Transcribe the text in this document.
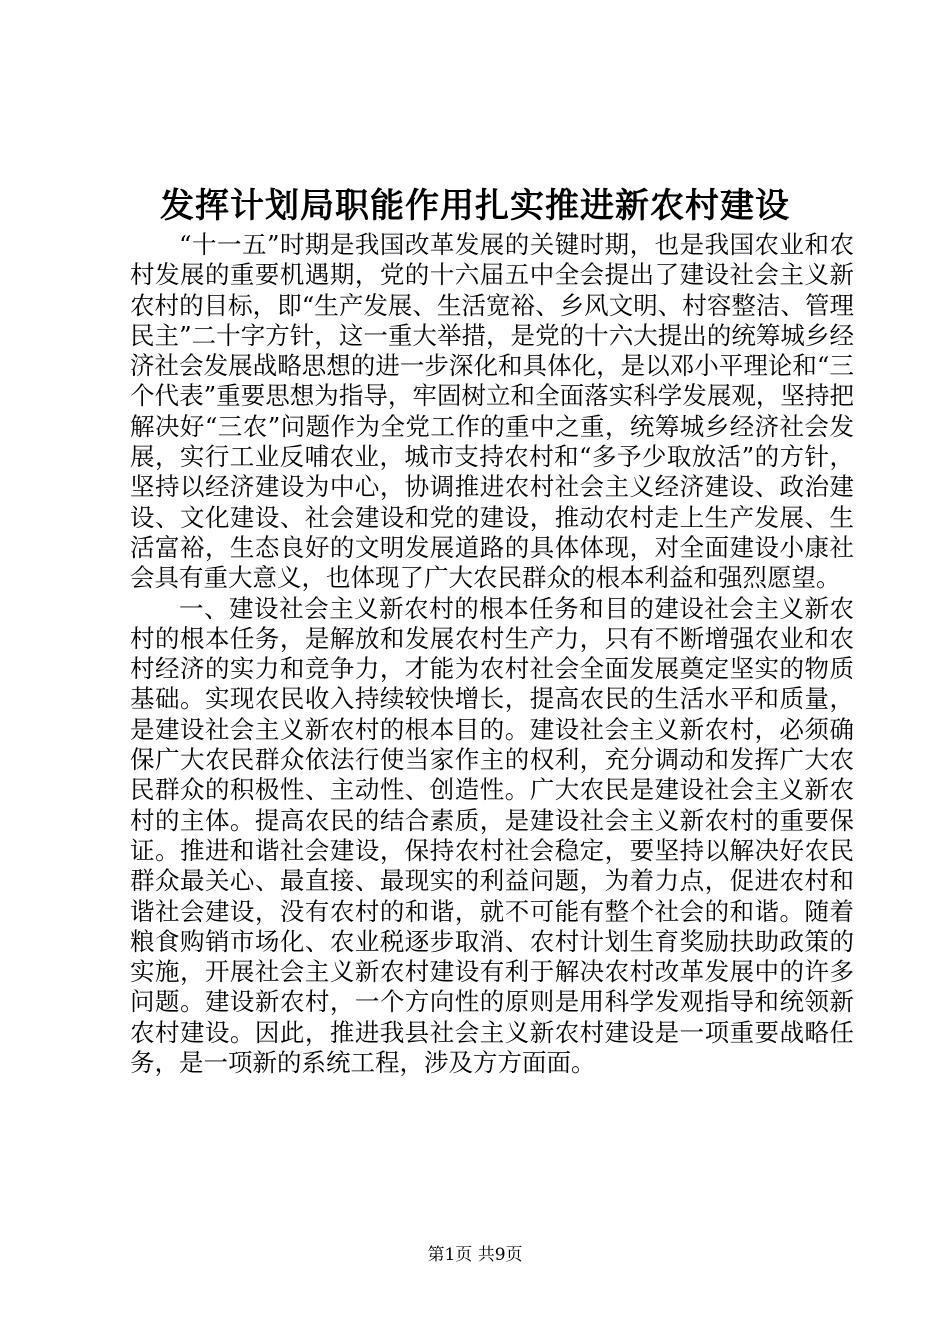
发挥计划局职能作用扎实推进新农村建设

“十一五”时期是我国改革发展的关键时期，也是我国农业和农村发展的重要机遇期，党的十六届五中全会提出了建设社会主义新农村的目标，即“生产发展、生活宽裕、乡风文明、村容整洁、管理民主”二十字方针，这一重大举措，是党的十六大提出的统筹城乡经济社会发展战略思想的进一步深化和具体化，是以邓小平理论和“三个代表”重要思想为指导，牢固树立和全面落实科学发展观，坚持把解决好“三农”问题作为全党工作的重中之重，统筹城乡经济社会发展，实行工业反哺农业，城市支持农村和“多予少取放活”的方针，坚持以经济建设为中心，协调推进农村社会主义经济建设、政治建设、文化建设、社会建设和党的建设，推动农村走上生产发展、生活富裕，生态良好的文明发展道路的具体体现，对全面建设小康社会具有重大意义，也体现了广大农民群众的根本利益和强烈愿望。

一、建设社会主义新农村的根本任务和目的建设社会主义新农村的根本任务，是解放和发展农村生产力，只有不断增强农业和农村经济的实力和竞争力，才能为农村社会全面发展奠定坚实的物质基础。实现农民收入持续较快增长，提高农民的生活水平和质量，是建设社会主义新农村的根本目的。建设社会主义新农村，必须确保广大农民群众依法行使当家作主的权利，充分调动和发挥广大农民群众的积极性、主动性、创造性。广大农民是建设社会主义新农村的主体。提高农民的结合素质，是建设社会主义新农村的重要保证。推进和谐社会建设，保持农村社会稳定，要坚持以解决好农民群众最关心、最直接、最现实的利益问题，为着力点，促进农村和谐社会建设，没有农村的和谐，就不可能有整个社会的和谐。随着粮食购销市场化、农业税逐步取消、农村计划生育奖励扶助政策的实施，开展社会主义新农村建设有利于解决农村改革发展中的许多问题。建设新农村，一个方向性的原则是用科学发观指导和统领新农村建设。因此，推进我县社会主义新农村建设是一项重要战略任务，是一项新的系统工程，涉及方方面面。

第1页 共9页
